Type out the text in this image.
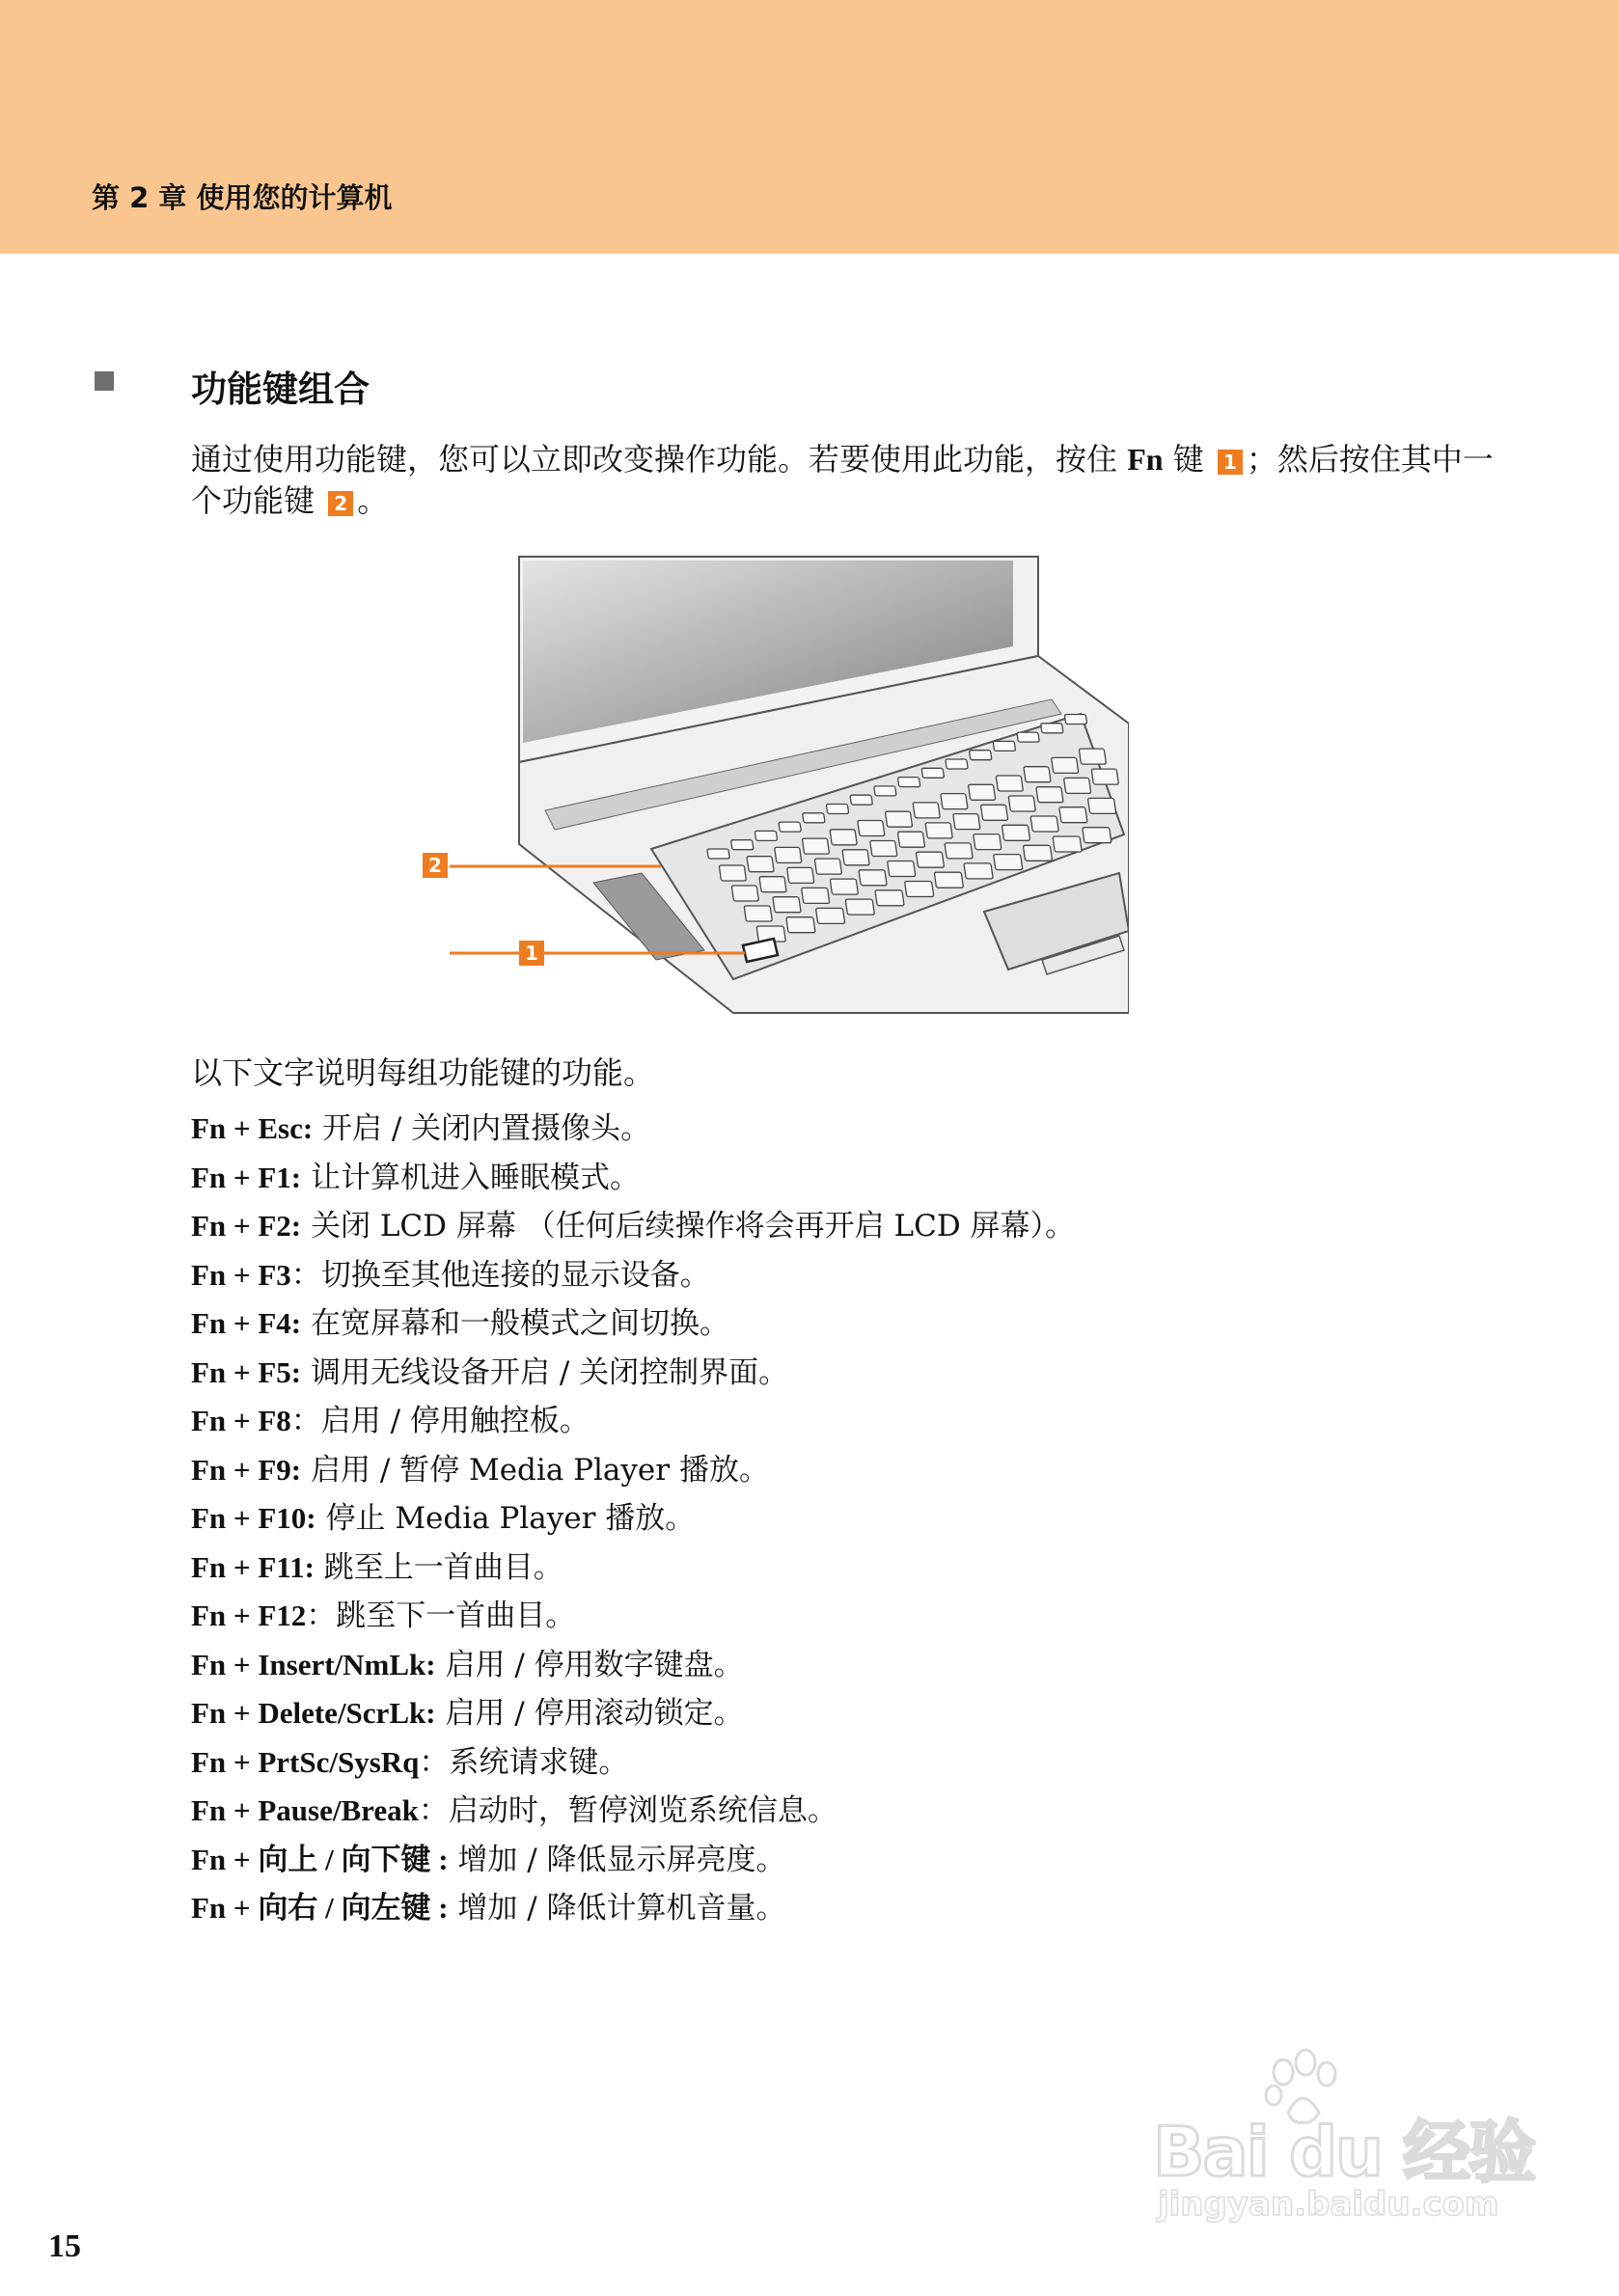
第 2 章 使用您的计算机
功能键组合
通过使用功能键，您可以立即改变操作功能。若要使用此功能，按住 Fn 键 1 ；然后按住其中一个功能键 2 。
2
1
以下文字说明每组功能键的功能。
Fn + Esc: 开启 / 关闭内置摄像头。
Fn + F1: 让计算机进入睡眠模式。
Fn + F2: 关闭 LCD 屏幕 （任何后续操作将会再开启 LCD 屏幕）。
Fn + F3：切换至其他连接的显示设备。
Fn + F4: 在宽屏幕和一般模式之间切换。
Fn + F5: 调用无线设备开启 / 关闭控制界面。
Fn + F8：启用 / 停用触控板。
Fn + F9: 启用 / 暂停 Media Player 播放。
Fn + F10: 停止 Media Player 播放。
Fn + F11: 跳至上一首曲目。
Fn + F12：跳至下一首曲目。
Fn + Insert/NmLk: 启用 / 停用数字键盘。
Fn + Delete/ScrLk: 启用 / 停用滚动锁定。
Fn + PrtSc/SysRq：系统请求键。
Fn + Pause/Break：启动时，暂停浏览系统信息。
Fn + 向上 / 向下键 : 增加 / 降低显示屏亮度。
Fn + 向右 / 向左键 : 增加 / 降低计算机音量。
15
Bai du 经验
jingyan.baidu.com
